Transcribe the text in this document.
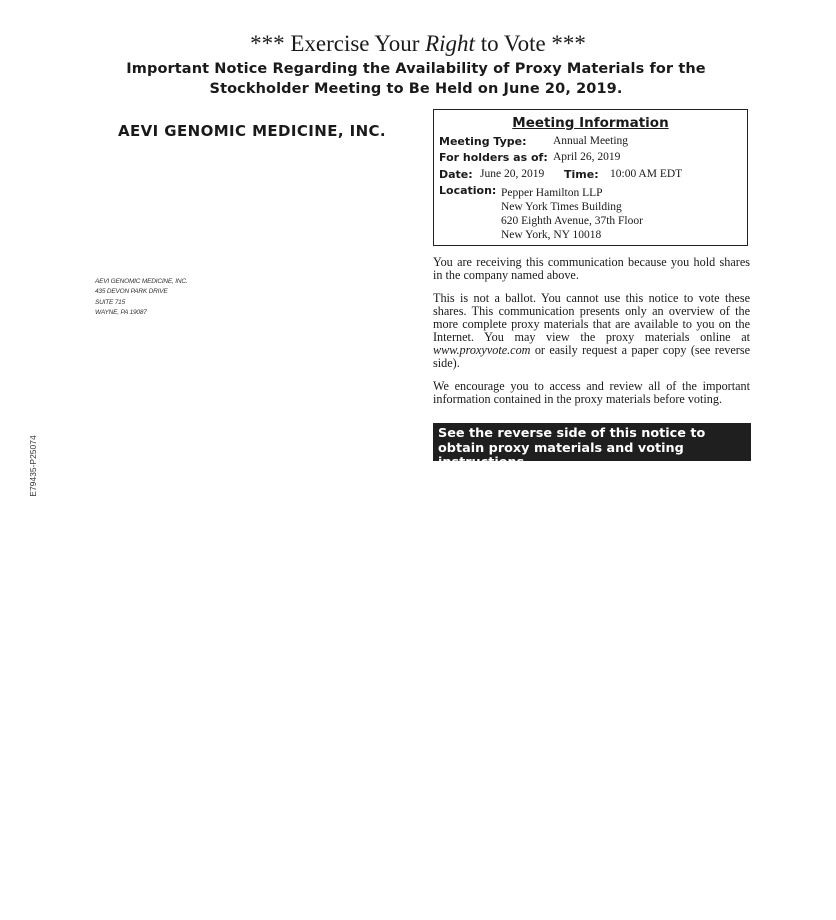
*** Exercise Your Right to Vote ***
Important Notice Regarding the Availability of Proxy Materials for the
Stockholder Meeting to Be Held on June 20, 2019.
AEVI GENOMIC MEDICINE, INC.
AEVI GENOMIC MEDICINE, INC.
435 DEVON PARK DRIVE
SUITE 715
WAYNE, PA 19087
E79435-P25074
Meeting Information
Meeting Type: Annual Meeting
For holders as of: April 26, 2019
Date: June 20, 2019 Time: 10:00 AM EDT
Location: Pepper Hamilton LLP
New York Times Building
620 Eighth Avenue, 37th Floor
New York, NY 10018
You are receiving this communication because you hold shares in the company named above.
This is not a ballot. You cannot use this notice to vote these shares. This communication presents only an overview of the more complete proxy materials that are available to you on the Internet. You may view the proxy materials online at www.proxyvote.com or easily request a paper copy (see reverse side).
We encourage you to access and review all of the important information contained in the proxy materials before voting.
See the reverse side of this notice to obtain proxy materials and voting instructions.
